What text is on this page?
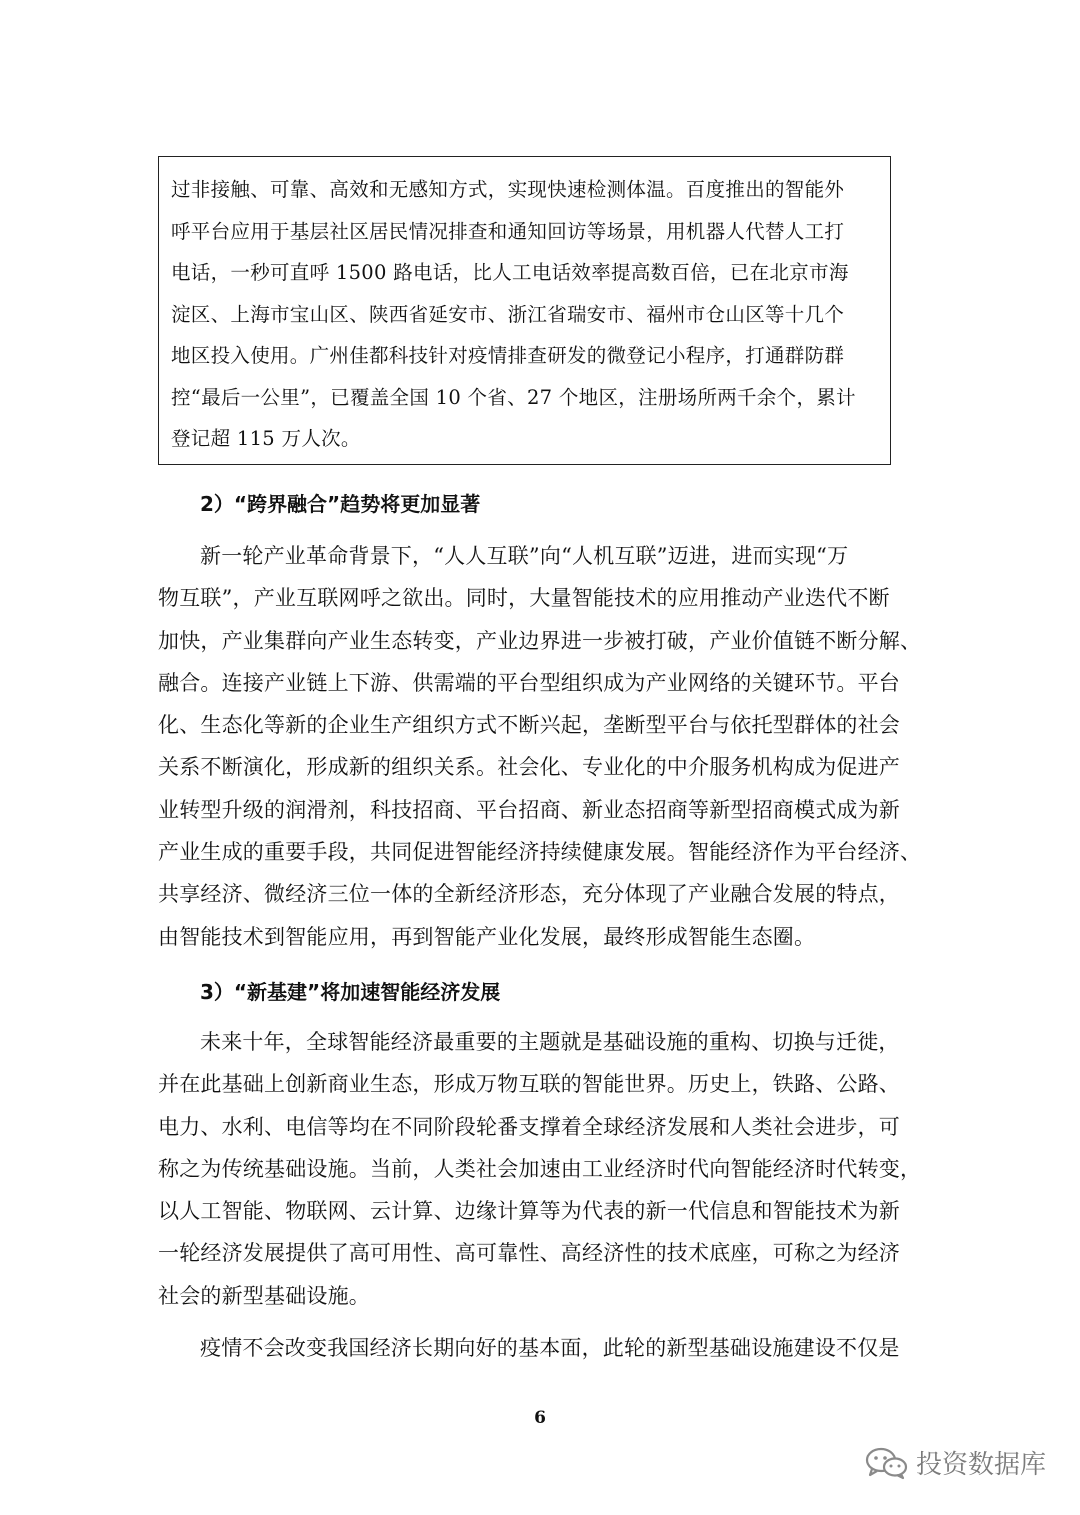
过非接触、可靠、高效和无感知方式，实现快速检测体温。百度推出的智能外
呼平台应用于基层社区居民情况排查和通知回访等场景，用机器人代替人工打
电话，一秒可直呼 1500 路电话，比人工电话效率提高数百倍，已在北京市海
淀区、上海市宝山区、陕西省延安市、浙江省瑞安市、福州市仓山区等十几个
地区投入使用。广州佳都科技针对疫情排查研发的微登记小程序，打通群防群
控“最后一公里”，已覆盖全国 10 个省、27 个地区，注册场所两千余个，累计
登记超 115 万人次。
2）“跨界融合”趋势将更加显著
新一轮产业革命背景下，“人人互联”向“人机互联”迈进，进而实现“万
物互联”，产业互联网呼之欲出。同时，大量智能技术的应用推动产业迭代不断
加快，产业集群向产业生态转变，产业边界进一步被打破，产业价值链不断分解、
融合。连接产业链上下游、供需端的平台型组织成为产业网络的关键环节。平台
化、生态化等新的企业生产组织方式不断兴起，垄断型平台与依托型群体的社会
关系不断演化，形成新的组织关系。社会化、专业化的中介服务机构成为促进产
业转型升级的润滑剂，科技招商、平台招商、新业态招商等新型招商模式成为新
产业生成的重要手段，共同促进智能经济持续健康发展。智能经济作为平台经济、
共享经济、微经济三位一体的全新经济形态，充分体现了产业融合发展的特点，
由智能技术到智能应用，再到智能产业化发展，最终形成智能生态圈。
3）“新基建”将加速智能经济发展
未来十年，全球智能经济最重要的主题就是基础设施的重构、切换与迁徙，
并在此基础上创新商业生态，形成万物互联的智能世界。历史上，铁路、公路、
电力、水利、电信等均在不同阶段轮番支撑着全球经济发展和人类社会进步，可
称之为传统基础设施。当前，人类社会加速由工业经济时代向智能经济时代转变，
以人工智能、物联网、云计算、边缘计算等为代表的新一代信息和智能技术为新
一轮经济发展提供了高可用性、高可靠性、高经济性的技术底座，可称之为经济
社会的新型基础设施。
疫情不会改变我国经济长期向好的基本面，此轮的新型基础设施建设不仅是
6
投资数据库
